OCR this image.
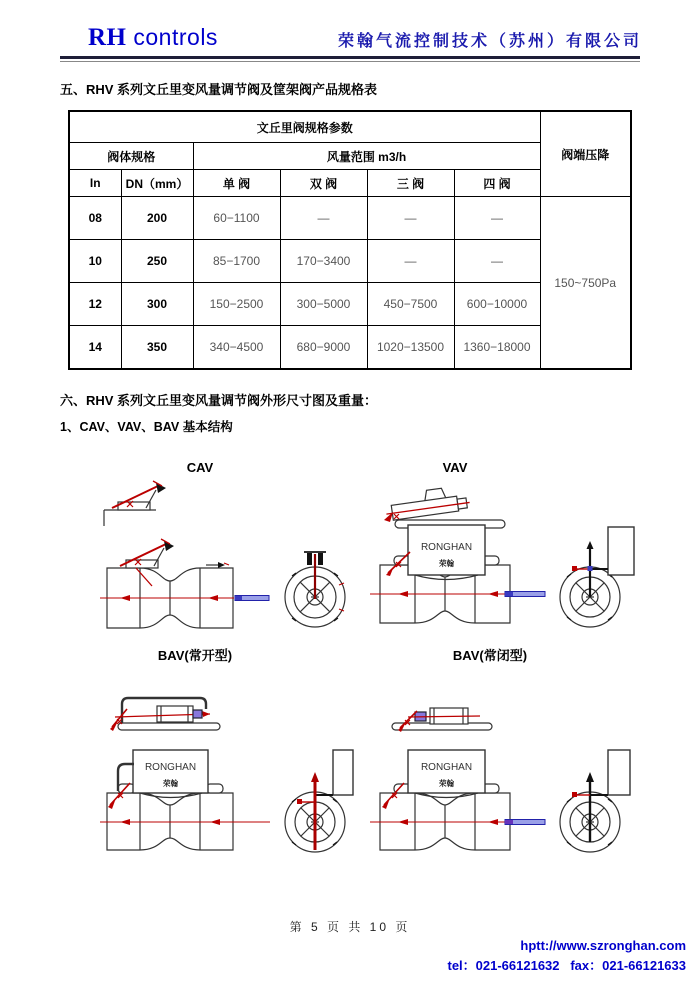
RH controls	荣翰气流控制技术（苏州）有限公司
五、RHV 系列文丘里变风量调节阀及筐架阀产品规格表
文丘里阀规格参数						阀端压降
阀体规格		风量范围 m3/h				
In	DN（mm）	单 阀	双 阀	三 阀	四 阀	
08	200	60−1100	—	—	—	150~750Pa
10	250	85−1700	170−3400	—	—	
12	300	150−2500	300−5000	450−7500	600−10000	
14	350	340−4500	680−9000	1020−13500	1360−18000	
六、RHV 系列文丘里变风量调节阀外形尺寸图及重量：
1、CAV、VAV、BAV 基本结构
CAV	VAV
BAV(常开型)	BAV(常闭型)
RONGHAN
荣翰
RONGHAN
荣翰
RONGHAN
荣翰
第 5 页 共 10 页
hptt://www.szronghan.com
tel：021-66121632   fax：021-66121633
